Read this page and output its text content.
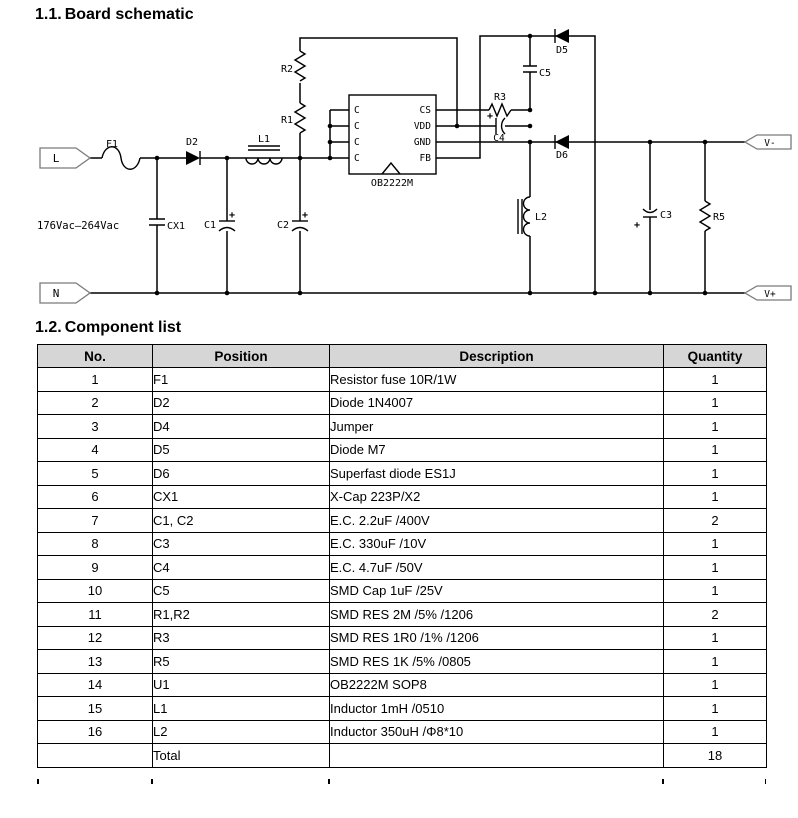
1.1. Board schematic
F1	D2	L1
R1
R2
C
C
C
C
CS
VDD
GND
FB
OB2222M
R3
+
C4
C5
D5
D6
L2
+
C3	R5
CX1
+
C1
+
C2
176Vac–264Vac
L
N
V-
V+
1.2. Component list
No.	Position	Description	Quantity
1	F1	Resistor fuse 10R/1W	1
2	D2	Diode 1N4007	1
3	D4	Jumper	1
4	D5	Diode M7	1
5	D6	Superfast diode ES1J	1
6	CX1	X-Cap 223P/X2	1
7	C1, C2	E.C. 2.2uF /400V	2
8	C3	E.C. 330uF /10V	1
9	C4	E.C. 4.7uF /50V	1
10	C5	SMD Cap 1uF /25V	1
11	R1,R2	SMD RES 2M /5% /1206	2
12	R3	SMD RES 1R0 /1% /1206	1
13	R5	SMD RES 1K /5% /0805	1
14	U1	OB2222M SOP8	1
15	L1	Inductor 1mH /0510	1
16	L2	Inductor 350uH /Φ8*10	1
	Total		18
